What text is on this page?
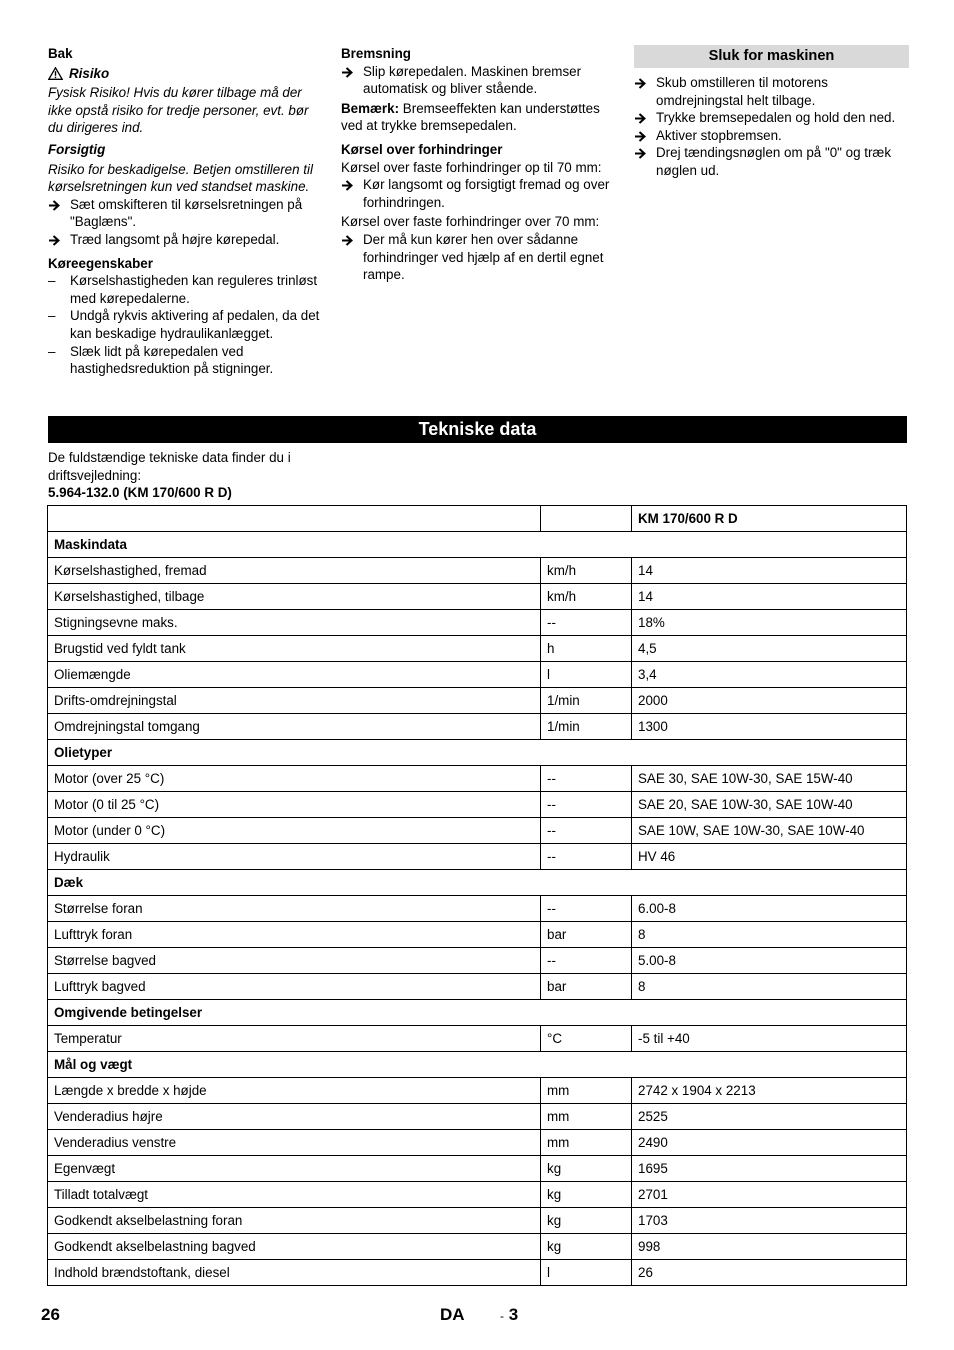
Bak
Risiko
Fysisk Risiko! Hvis du kører tilbage må der ikke opstå risiko for tredje personer, evt. bør du dirigeres ind.
Forsigtig
Risiko for beskadigelse. Betjen omstilleren til kørselsretningen kun ved standset maskine.
Sæt omskifteren til kørselsretningen på "Baglæns".
Træd langsomt på højre kørepedal.
Køreegenskaber
– Kørselshastigheden kan reguleres trinløst med kørepedalerne.
– Undgå rykvis aktivering af pedalen, da det kan beskadige hydraulikanlægget.
– Slæk lidt på kørepedalen ved hastighedsreduktion på stigninger.
Bremsning
Slip kørepedalen. Maskinen bremser automatisk og bliver stående.
Bemærk: Bremseeffekten kan understøttes ved at trykke bremsepedalen.
Kørsel over forhindringer
Kørsel over faste forhindringer op til 70 mm:
Kør langsomt og forsigtigt fremad og over forhindringen.
Kørsel over faste forhindringer over 70 mm:
Der må kun kører hen over sådanne forhindringer ved hjælp af en dertil egnet rampe.
Sluk for maskinen
Skub omstilleren til motorens omdrejningstal helt tilbage.
Trykke bremsepedalen og hold den ned.
Aktiver stopbremsen.
Drej tændingsnøglen om på "0" og træk nøglen ud.
Tekniske data
De fuldstændige tekniske data finder du i driftsvejledning:
5.964-132.0 (KM 170/600 R D)
		KM 170/600 R D
Maskindata		
Kørselshastighed, fremad	km/h	14
Kørselshastighed, tilbage	km/h	14
Stigningsevne maks.	--	18%
Brugstid ved fyldt tank	h	4,5
Oliemængde	l	3,4
Drifts-omdrejningstal	1/min	2000
Omdrejningstal tomgang	1/min	1300
Olietyper		
Motor (over 25 °C)	--	SAE 30, SAE 10W-30, SAE 15W-40
Motor (0 til 25 °C)	--	SAE 20, SAE 10W-30, SAE 10W-40
Motor (under 0 °C)	--	SAE 10W, SAE 10W-30, SAE 10W-40
Hydraulik	--	HV 46
Dæk		
Størrelse foran	--	6.00-8
Lufttryk foran	bar	8
Størrelse bagved	--	5.00-8
Lufttryk bagved	bar	8
Omgivende betingelser		
Temperatur	°C	-5 til +40
Mål og vægt		
Længde x bredde x højde	mm	2742 x 1904 x 2213
Venderadius højre	mm	2525
Venderadius venstre	mm	2490
Egenvægt	kg	1695
Tilladt totalvægt	kg	2701
Godkendt akselbelastning foran	kg	1703
Godkendt akselbelastning bagved	kg	998
Indhold brændstoftank, diesel	l	26
26	DA	- 3
